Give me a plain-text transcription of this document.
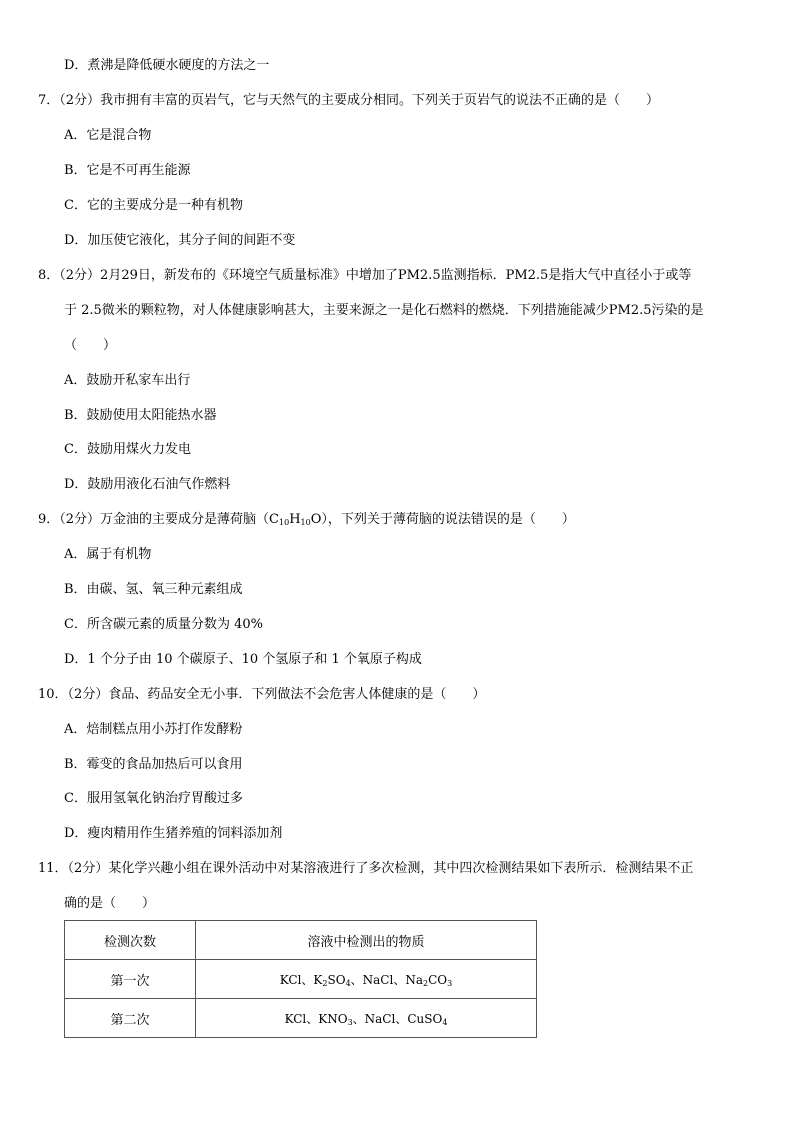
D．煮沸是降低硬水硬度的方法之一
7．（2分）我市拥有丰富的页岩气，它与天然气的主要成分相同。下列关于页岩气的说法不正确的是（　　）
A．它是混合物
B．它是不可再生能源
C．它的主要成分是一种有机物
D．加压使它液化，其分子间的间距不变
8．（2分）2月29日，新发布的《环境空气质量标准》中增加了PM2.5监测指标．PM2.5是指大气中直径小于或等
于 2.5微米的颗粒物，对人体健康影响甚大，主要来源之一是化石燃料的燃烧．下列措施能减少PM2.5污染的是
（　　）
A．鼓励开私家车出行
B．鼓励使用太阳能热水器
C．鼓励用煤火力发电
D．鼓励用液化石油气作燃料
9．（2分）万金油的主要成分是薄荷脑$(C_{10}H_{10}O)$，下列关于薄荷脑的说法错误的是（　　）
A．属于有机物
B．由碳、氢、氧三种元素组成
C．所含碳元素的质量分数为 40%
D．1 个分子由 10 个碳原子、10 个氢原子和 1 个氧原子构成
10．（2分）食品、药品安全无小事．下列做法不会危害人体健康的是（　　）
A．焙制糕点用小苏打作发酵粉
B．霉变的食品加热后可以食用
C．服用氢氧化钠治疗胃酸过多
D．瘦肉精用作生猪养殖的饲料添加剂
11．（2分）某化学兴趣小组在课外活动中对某溶液进行了多次检测，其中四次检测结果如下表所示．检测结果不正
确的是（　　）
检测次数	溶液中检测出的物质
第一次	KCl、$K_2SO_4$、NaCl、$Na_2CO_3$
第二次	KCl、$KNO_3$、NaCl、CuSO$_4$
